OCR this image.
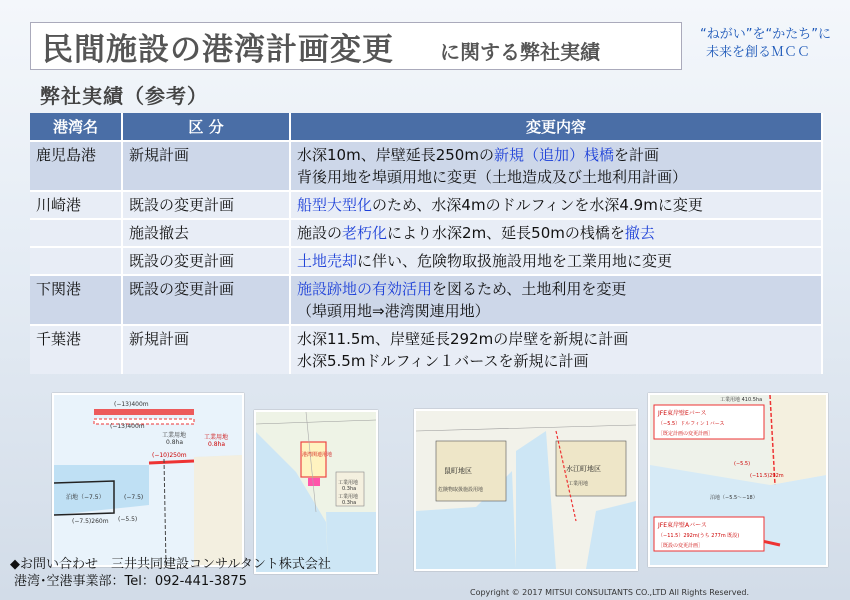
民間施設の港湾計画変更 に関する弊社実績
“ねがい”を“かたち”に
未来を創るＭＣＣ
弊社実績（参考）
港湾名	区 分	変更内容
鹿児島港	新規計画	水深10m、岸壁延長250mの新規（追加）桟橋を計画
背後用地を埠頭用地に変更（土地造成及び土地利用計画）

川崎港	既設の変更計画	船型大型化のため、水深4mのドルフィンを水深4.9mに変更
	施設撤去	施設の老朽化により水深2m、延長50mの桟橋を撤去
	既設の変更計画	土地売却に伴い、危険物取扱施設用地を工業用地に変更
下関港	既設の変更計画	施設跡地の有効活用を図るため、土地利用を変更
（埠頭用地⇒港湾関連用地）

千葉港	新規計画	水深11.5m、岸壁延長292mの岸壁を新規に計画
水深5.5mドルフィン１バースを新規に計画
(−13)400m
(−13)400m
工業用地
0.8ha
工業用地
0.8ha
(−10)250m
泊地（−7.5）
(−7.5)260m
(−7.5)
(−5.5)
港湾関連用地
工業用地
工業用地
0.3ha
0.3ha
鼠町地区	水江町地区
危険物取扱施設用地
工業用地
工業用地 410.5ha
JFE東岸壁Eバース
（−5.5）ドルフィン１バース
［既定計画の変更計画］
JFE東岸壁Aバース
（−11.5）292m(うち 277m 既設)
［既設の変更計画］
泊地（−5.5〜−18）
(−5.5)
(−11.5)292m
◆お問い合わせ　三井共同建設コンサルタント株式会社
港湾･空港事業部：Tel：092-441-3875
Copyright © 2017 MITSUI CONSULTANTS CO.,LTD All Rights Reserved.
